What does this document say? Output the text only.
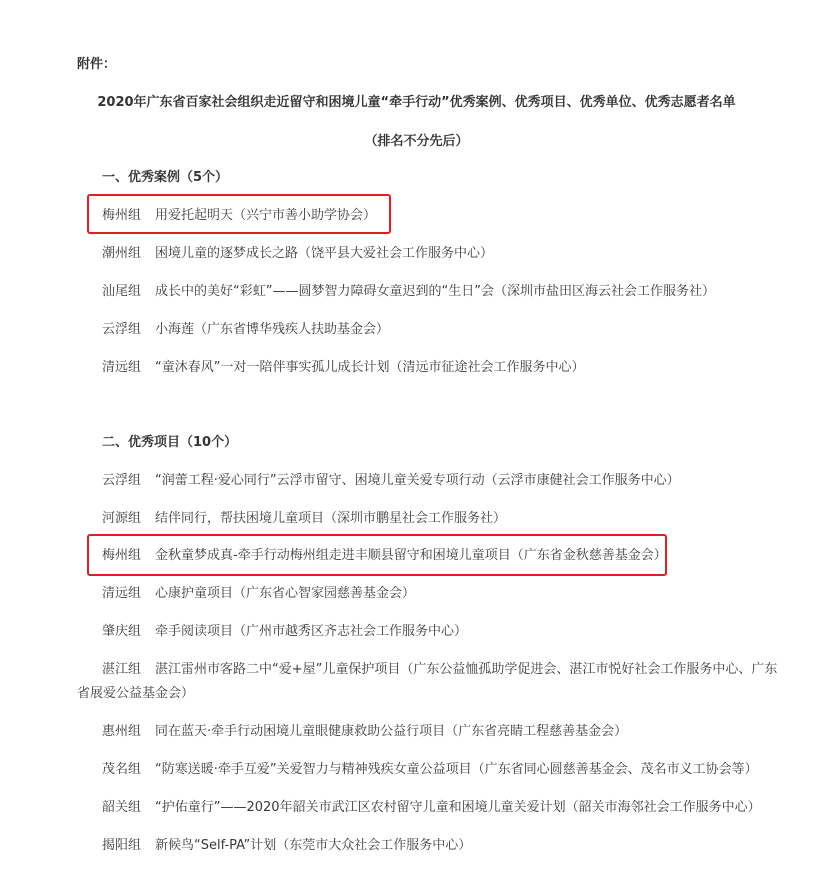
附件：
2020年广东省百家社会组织走近留守和困境儿童“牵手行动”优秀案例、优秀项目、优秀单位、优秀志愿者名单
（排名不分先后）
一、优秀案例（5个）
梅州组 用爱托起明天（兴宁市善小助学协会）
潮州组 困境儿童的逐梦成长之路（饶平县大爱社会工作服务中心）
汕尾组 成长中的美好“彩虹”——圆梦智力障碍女童迟到的“生日”会（深圳市盐田区海云社会工作服务社）
云浮组 小海莲（广东省博华残疾人扶助基金会）
清远组 “童沐春风”一对一陪伴事实孤儿成长计划（清远市征途社会工作服务中心）
二、优秀项目（10个）
云浮组 “润蕾工程·爱心同行”云浮市留守、困境儿童关爱专项行动（云浮市康健社会工作服务中心）
河源组 结伴同行，帮扶困境儿童项目（深圳市鹏星社会工作服务社）
梅州组 金秋童梦成真-牵手行动梅州组走进丰顺县留守和困境儿童项目（广东省金秋慈善基金会）
清远组 心康护童项目（广东省心智家园慈善基金会）
肇庆组 牵手阅读项目（广州市越秀区齐志社会工作服务中心）
湛江组 湛江雷州市客路二中“爱+屋”儿童保护项目（广东公益恤孤助学促进会、湛江市悦好社会工作服务中心、广东
省展爱公益基金会）
惠州组 同在蓝天·牵手行动困境儿童眼健康救助公益行项目（广东省亮睛工程慈善基金会）
茂名组 “防寒送暖·牵手互爱”关爱智力与精神残疾女童公益项目（广东省同心圆慈善基金会、茂名市义工协会等）
韶关组 “护佑童行”——2020年韶关市武江区农村留守儿童和困境儿童关爱计划（韶关市海邻社会工作服务中心）
揭阳组 新候鸟“Self-PA”计划（东莞市大众社会工作服务中心）
